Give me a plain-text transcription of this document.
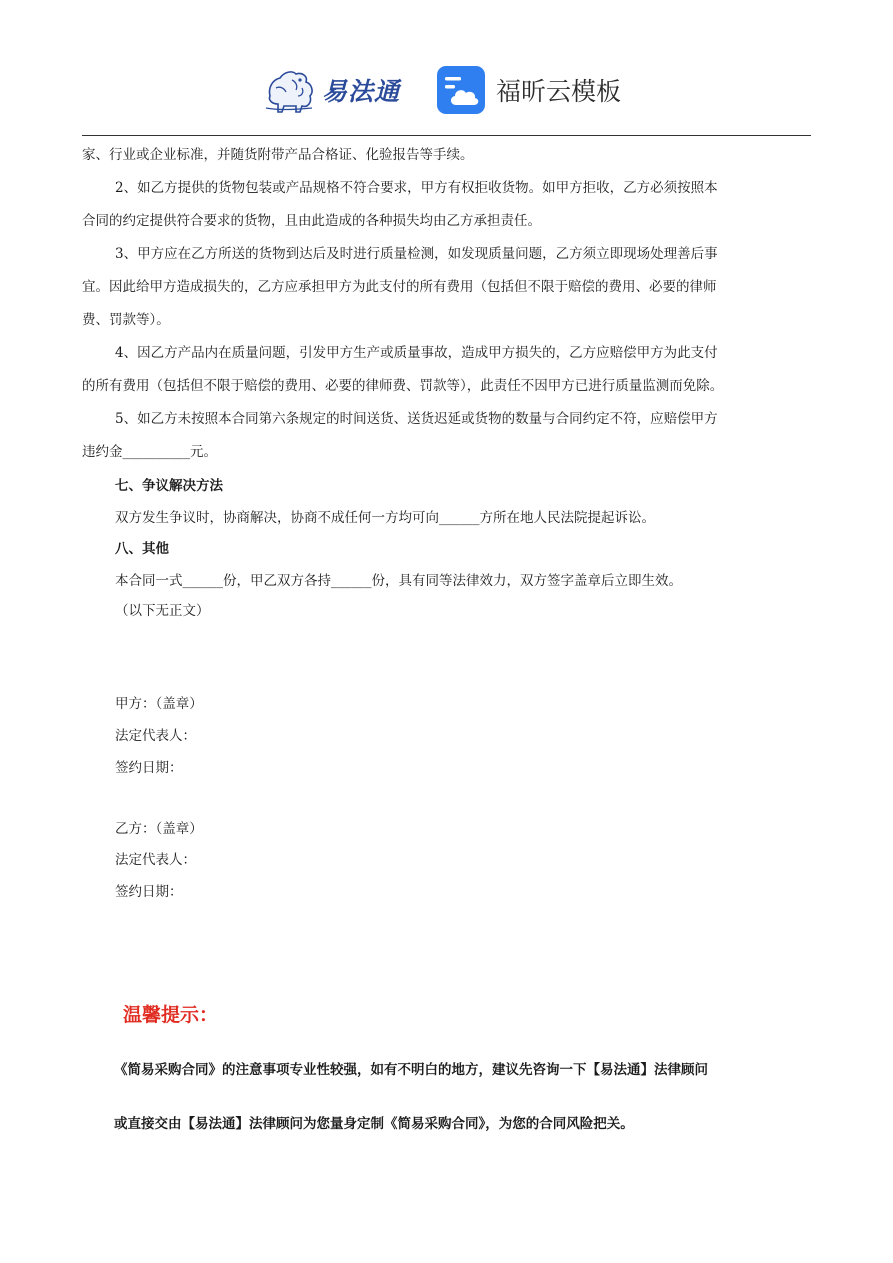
易法通	福昕云模板
家、行业或企业标准，并随货附带产品合格证、化验报告等手续。
2、如乙方提供的货物包装或产品规格不符合要求，甲方有权拒收货物。如甲方拒收，乙方必须按照本
合同的约定提供符合要求的货物，且由此造成的各种损失均由乙方承担责任。
3、甲方应在乙方所送的货物到达后及时进行质量检测，如发现质量问题，乙方须立即现场处理善后事
宜。因此给甲方造成损失的，乙方应承担甲方为此支付的所有费用（包括但不限于赔偿的费用、必要的律师
费、罚款等）。
4、因乙方产品内在质量问题，引发甲方生产或质量事故，造成甲方损失的，乙方应赔偿甲方为此支付
的所有费用（包括但不限于赔偿的费用、必要的律师费、罚款等），此责任不因甲方已进行质量监测而免除。
5、如乙方未按照本合同第六条规定的时间送货、送货迟延或货物的数量与合同约定不符，应赔偿甲方
违约金__________元。
七、争议解决方法
双方发生争议时，协商解决，协商不成任何一方均可向______方所在地人民法院提起诉讼。
八、其他
本合同一式______份，甲乙双方各持______份，具有同等法律效力，双方签字盖章后立即生效。
（以下无正文）
甲方：（盖章）
法定代表人：
签约日期：
乙方：（盖章）
法定代表人：
签约日期：
温馨提示：
《简易采购合同》的注意事项专业性较强，如有不明白的地方，建议先咨询一下【易法通】法律顾问
或直接交由【易法通】法律顾问为您量身定制《简易采购合同》，为您的合同风险把关。
